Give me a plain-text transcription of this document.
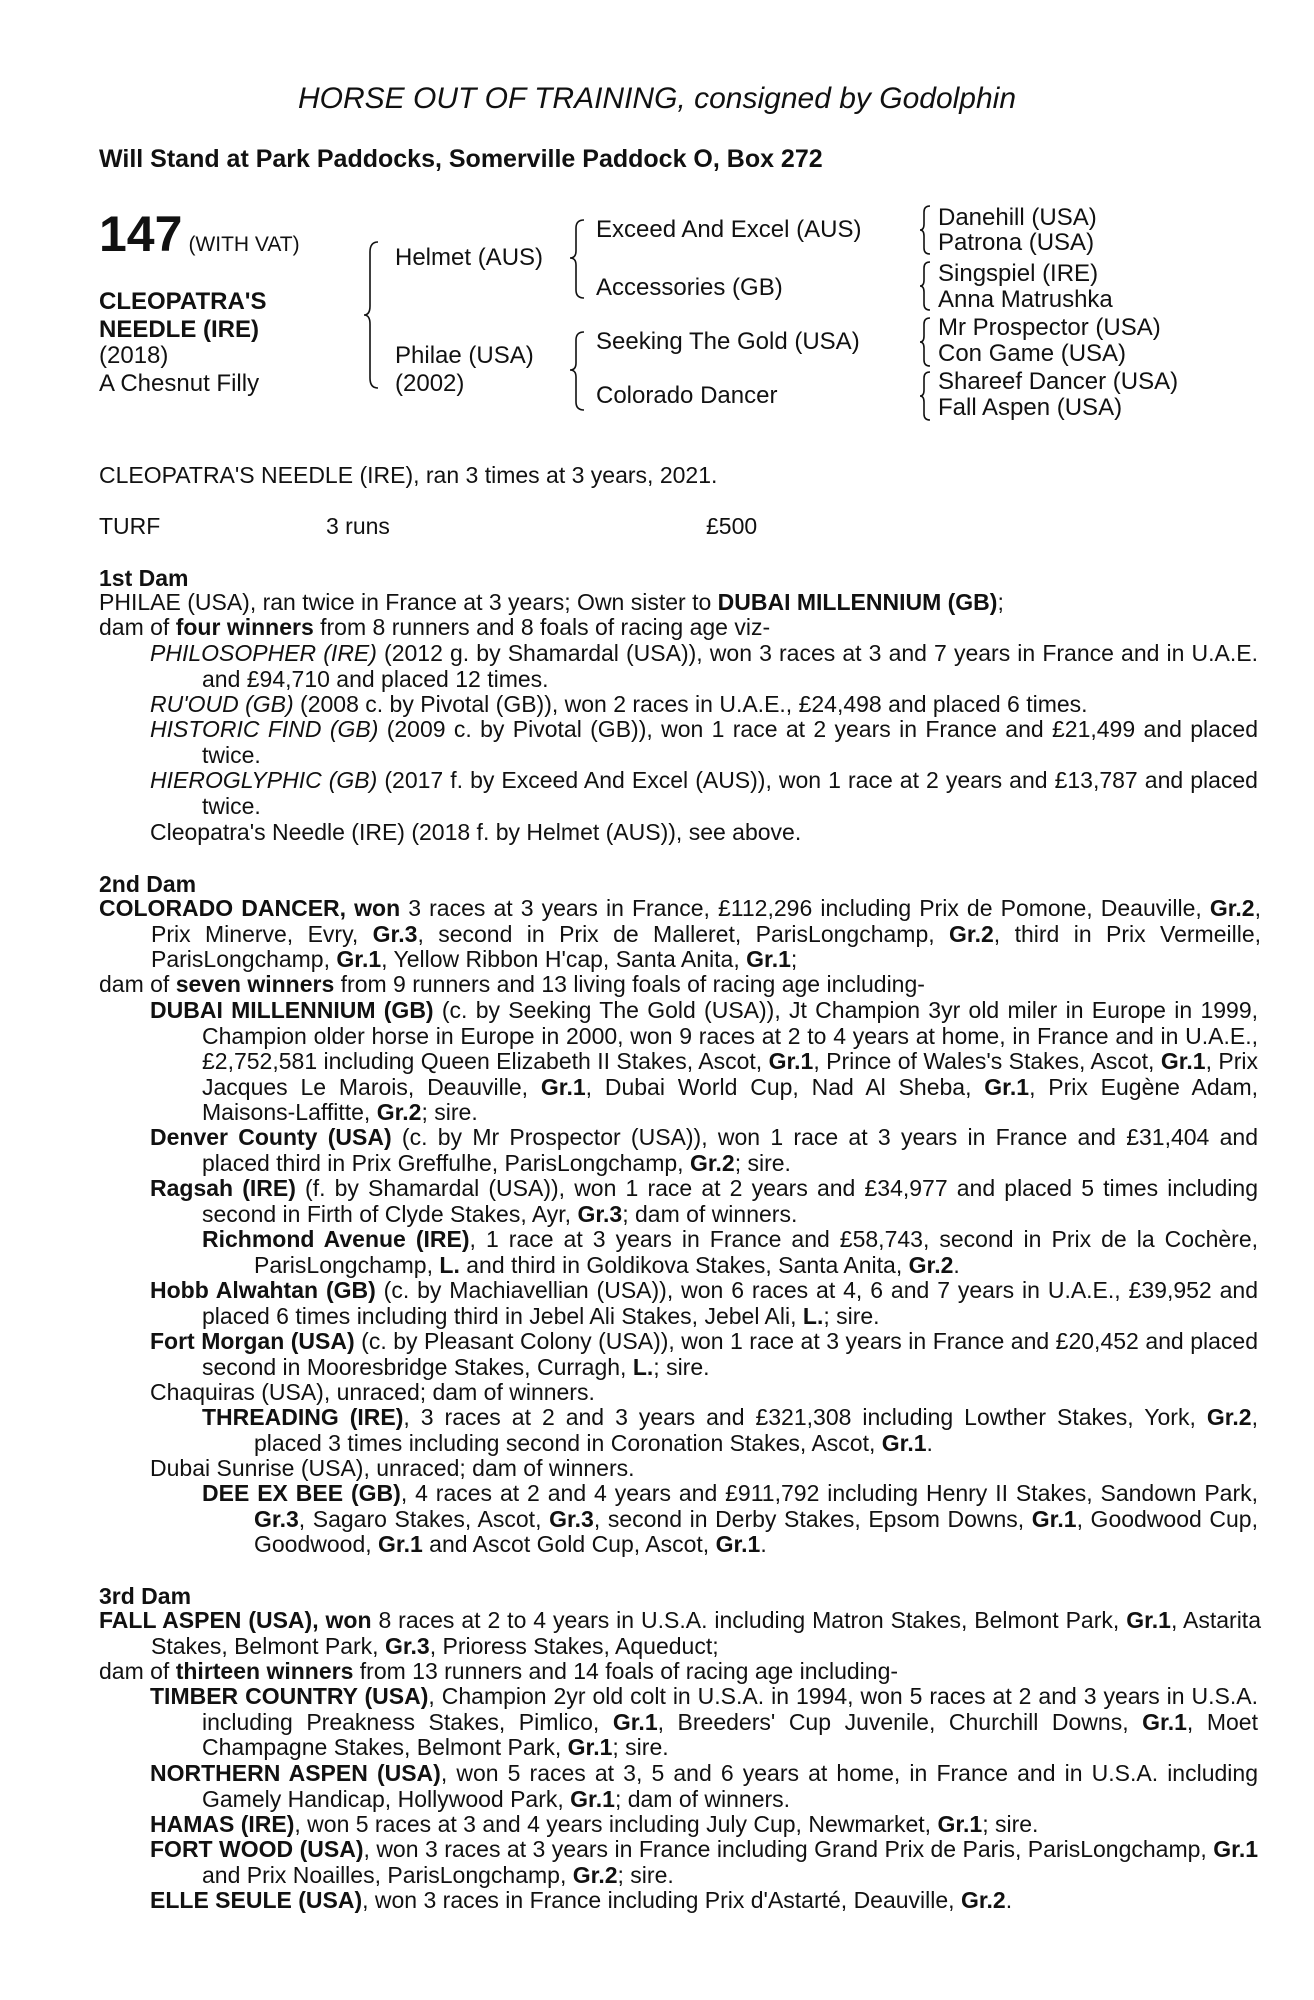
HORSE OUT OF TRAINING, consigned by Godolphin
Will Stand at Park Paddocks, Somerville Paddock O, Box 272
147 (WITH VAT)
CLEOPATRA'S
NEEDLE (IRE)
(2018)
A Chesnut Filly
Helmet (AUS)
Philae (USA)
(2002)
Exceed And Excel (AUS)
Accessories (GB)
Seeking The Gold (USA)
Colorado Dancer
Danehill (USA)
Patrona (USA)
Singspiel (IRE)
Anna Matrushka
Mr Prospector (USA)
Con Game (USA)
Shareef Dancer (USA)
Fall Aspen (USA)
CLEOPATRA'S NEEDLE (IRE), ran 3 times at 3 years, 2021.
TURF	3 runs	£500
1st Dam
PHILAE (USA), ran twice in France at 3 years; Own sister to DUBAI MILLENNIUM (GB);
dam of four winners from 8 runners and 8 foals of racing age viz-
PHILOSOPHER (IRE) (2012 g. by Shamardal (USA)), won 3 races at 3 and 7 years in France and in U.A.E. and £94,710 and placed 12 times.
RU'OUD (GB) (2008 c. by Pivotal (GB)), won 2 races in U.A.E., £24,498 and placed 6 times.
HISTORIC FIND (GB) (2009 c. by Pivotal (GB)), won 1 race at 2 years in France and £21,499 and placed twice.
HIEROGLYPHIC (GB) (2017 f. by Exceed And Excel (AUS)), won 1 race at 2 years and £13,787 and placed twice.
Cleopatra's Needle (IRE) (2018 f. by Helmet (AUS)), see above.
2nd Dam
COLORADO DANCER, won 3 races at 3 years in France, £112,296 including Prix de Pomone, Deauville, Gr.2, Prix Minerve, Evry, Gr.3, second in Prix de Malleret, ParisLongchamp, Gr.2, third in Prix Vermeille, ParisLongchamp, Gr.1, Yellow Ribbon H'cap, Santa Anita, Gr.1;
dam of seven winners from 9 runners and 13 living foals of racing age including-
DUBAI MILLENNIUM (GB) (c. by Seeking The Gold (USA)), Jt Champion 3yr old miler in Europe in 1999, Champion older horse in Europe in 2000, won 9 races at 2 to 4 years at home, in France and in U.A.E., £2,752,581 including Queen Elizabeth II Stakes, Ascot, Gr.1, Prince of Wales's Stakes, Ascot, Gr.1, Prix Jacques Le Marois, Deauville, Gr.1, Dubai World Cup, Nad Al Sheba, Gr.1, Prix Eugène Adam, Maisons-Laffitte, Gr.2; sire.
Denver County (USA) (c. by Mr Prospector (USA)), won 1 race at 3 years in France and £31,404 and placed third in Prix Greffulhe, ParisLongchamp, Gr.2; sire.
Ragsah (IRE) (f. by Shamardal (USA)), won 1 race at 2 years and £34,977 and placed 5 times including second in Firth of Clyde Stakes, Ayr, Gr.3; dam of winners.
Richmond Avenue (IRE), 1 race at 3 years in France and £58,743, second in Prix de la Cochère, ParisLongchamp, L. and third in Goldikova Stakes, Santa Anita, Gr.2.
Hobb Alwahtan (GB) (c. by Machiavellian (USA)), won 6 races at 4, 6 and 7 years in U.A.E., £39,952 and placed 6 times including third in Jebel Ali Stakes, Jebel Ali, L.; sire.
Fort Morgan (USA) (c. by Pleasant Colony (USA)), won 1 race at 3 years in France and £20,452 and placed second in Mooresbridge Stakes, Curragh, L.; sire.
Chaquiras (USA), unraced; dam of winners.
THREADING (IRE), 3 races at 2 and 3 years and £321,308 including Lowther Stakes, York, Gr.2, placed 3 times including second in Coronation Stakes, Ascot, Gr.1.
Dubai Sunrise (USA), unraced; dam of winners.
DEE EX BEE (GB), 4 races at 2 and 4 years and £911,792 including Henry II Stakes, Sandown Park, Gr.3, Sagaro Stakes, Ascot, Gr.3, second in Derby Stakes, Epsom Downs, Gr.1, Goodwood Cup, Goodwood, Gr.1 and Ascot Gold Cup, Ascot, Gr.1.
3rd Dam
FALL ASPEN (USA), won 8 races at 2 to 4 years in U.S.A. including Matron Stakes, Belmont Park, Gr.1, Astarita Stakes, Belmont Park, Gr.3, Prioress Stakes, Aqueduct;
dam of thirteen winners from 13 runners and 14 foals of racing age including-
TIMBER COUNTRY (USA), Champion 2yr old colt in U.S.A. in 1994, won 5 races at 2 and 3 years in U.S.A. including Preakness Stakes, Pimlico, Gr.1, Breeders' Cup Juvenile, Churchill Downs, Gr.1, Moet Champagne Stakes, Belmont Park, Gr.1; sire.
NORTHERN ASPEN (USA), won 5 races at 3, 5 and 6 years at home, in France and in U.S.A. including Gamely Handicap, Hollywood Park, Gr.1; dam of winners.
HAMAS (IRE), won 5 races at 3 and 4 years including July Cup, Newmarket, Gr.1; sire.
FORT WOOD (USA), won 3 races at 3 years in France including Grand Prix de Paris, ParisLongchamp, Gr.1 and Prix Noailles, ParisLongchamp, Gr.2; sire.
ELLE SEULE (USA), won 3 races in France including Prix d'Astarté, Deauville, Gr.2.
